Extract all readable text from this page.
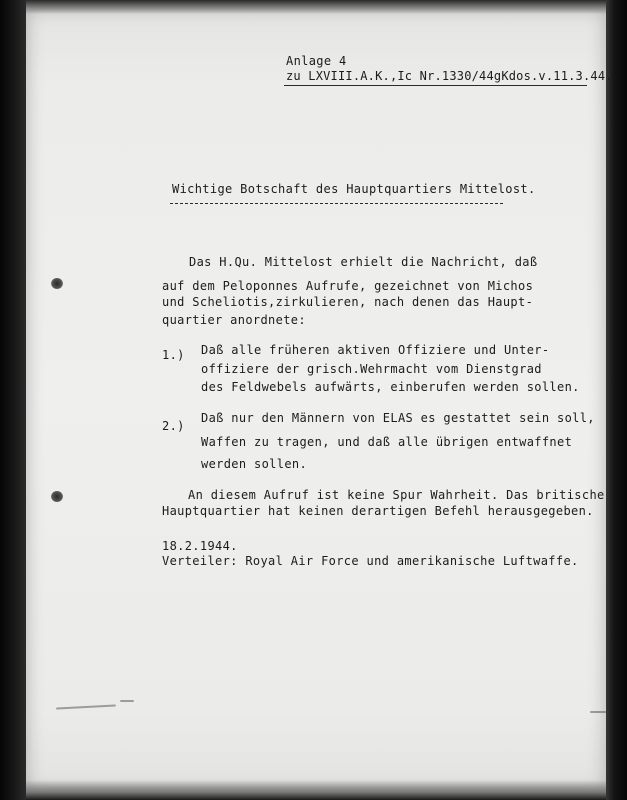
Anlage 4
zu LXVIII.A.K.,Ic Nr.1330/44gKdos.v.11.3.44.
Wichtige Botschaft des Hauptquartiers Mittelost.
Das H.Qu. Mittelost erhielt die Nachricht, daß
auf dem Peloponnes Aufrufe, gezeichnet von Michos
und Scheliotis,zirkulieren, nach denen das Haupt-
quartier anordnete:
1.) Daß alle früheren aktiven Offiziere und Unter-
offiziere der grisch.Wehrmacht vom Dienstgrad
des Feldwebels aufwärts, einberufen werden sollen.
2.)
Daß nur den Männern von ELAS es gestattet sein soll,
Waffen zu tragen, und daß alle übrigen entwaffnet
werden sollen.
An diesem Aufruf ist keine Spur Wahrheit. Das britische
Hauptquartier hat keinen derartigen Befehl herausgegeben.
18.2.1944.
Verteiler: Royal Air Force und amerikanische Luftwaffe.
